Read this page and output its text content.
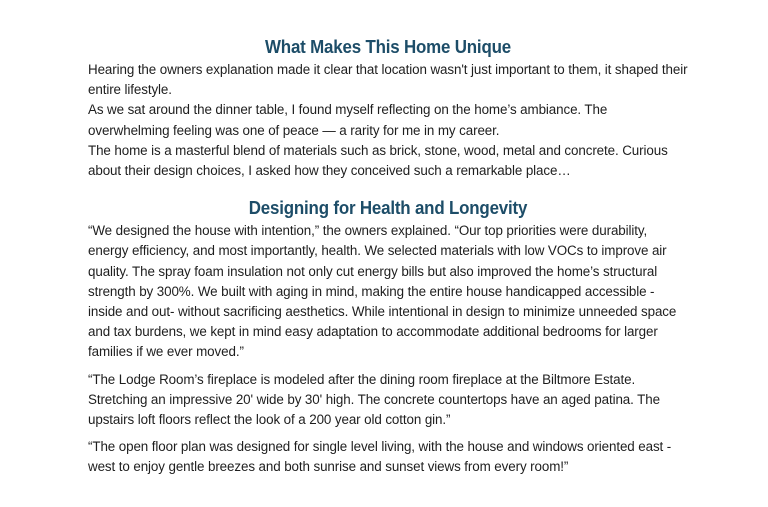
What Makes This Home Unique

Hearing the owners explanation made it clear that location wasn't just important to them, it shaped their entire lifestyle.

As we sat around the dinner table, I found myself reflecting on the home’s ambiance. The overwhelming feeling was one of peace — a rarity for me in my career.

The home is a masterful blend of materials such as brick, stone, wood, metal and concrete. Curious about their design choices, I asked how they conceived such a remarkable place…

Designing for Health and Longevity

“We designed the house with intention,” the owners explained. “Our top priorities were durability, energy efficiency, and most importantly, health. We selected materials with low VOCs to improve air quality. The spray foam insulation not only cut energy bills but also improved the home’s structural strength by 300%. We built with aging in mind, making the entire house handicapped accessible -inside and out- without sacrificing aesthetics. While intentional in design to minimize unneeded space and tax burdens, we kept in mind easy adaptation to accommodate additional bedrooms for larger families if we ever moved.”

“The Lodge Room’s fireplace is modeled after the dining room fireplace at the Biltmore Estate. Stretching an impressive 20' wide by 30' high. The concrete countertops have an aged patina. The upstairs loft floors reflect the look of a 200 year old cotton gin.”

“The open floor plan was designed for single level living, with the house and windows oriented east - west to enjoy gentle breezes and both sunrise and sunset views from every room!”
